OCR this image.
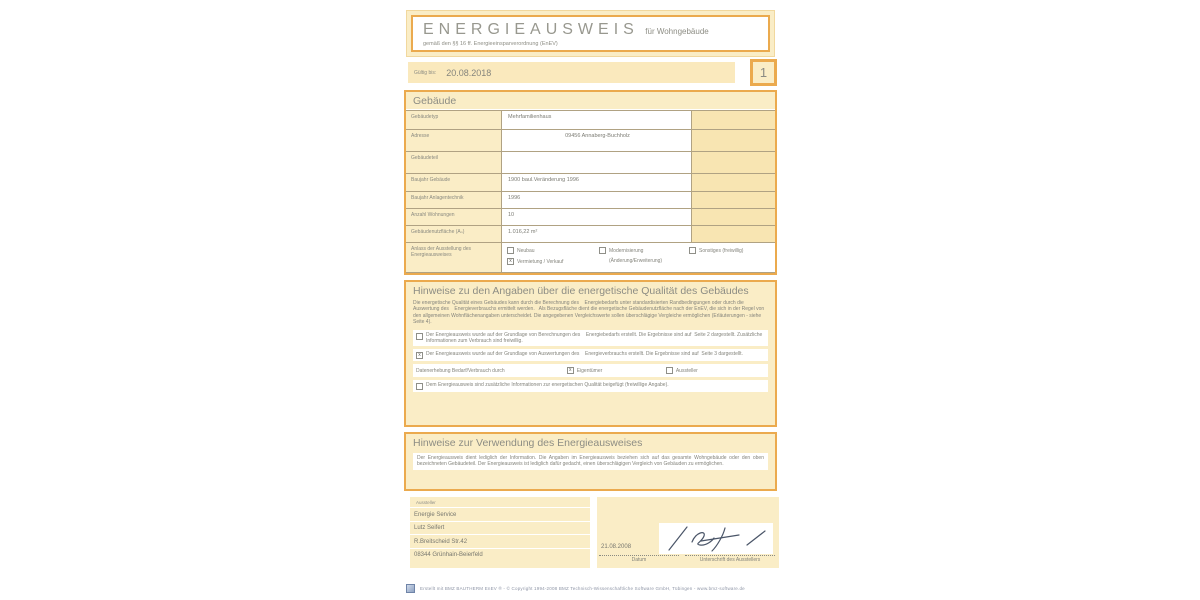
ENERGIEAUSWEIS für Wohngebäude
gemäß den §§ 16 ff. Energieeinsparverordnung (EnEV)
Gültig bis: 20.08.2018	1
Gebäude
Gebäudetyp	Mehrfamilienhaus
Adresse	09456 Annaberg-Buchholz
Gebäudeteil
Baujahr Gebäude	1900 baul.Veränderung 1996
Baujahr Anlagentechnik	1996
Anzahl Wohnungen	10
Gebäudenutzfläche (Aₙ)	1.016,22 m²
Anlass der Ausstellung des Energieausweises
Neubau
x	Vermietung / Verkauf
Modernisierung
(Änderung/Erweiterung)
Sonstiges (freiwillig)
Hinweise zu den Angaben über die energetische Qualität des Gebäudes
Die energetische Qualität eines Gebäudes kann durch die Berechnung des    Energiebedarfs unter standardisierten Randbedingungen oder durch die Auswertung des    Energieverbrauchs ermittelt werden.   Als Bezugsfläche dient die energetische Gebäudenutzfläche nach der EnEV, die sich in der Regel von den allgemeinen Wohnflächenangaben unterscheidet. Die angegebenen Vergleichswerte sollen überschlägige Vergleiche ermöglichen (Erläuterungen - siehe Seite 4).
Der Energieausweis wurde auf der Grundlage von Berechnungen des    Energiebedarfs erstellt. Die Ergebnisse sind auf  Seite 2 dargestellt. Zusätzliche Informationen zum Verbrauch sind freiwillig.
x	Der Energieausweis wurde auf der Grundlage von Auswertungen des    Energieverbrauchs erstellt. Die Ergebnisse sind auf  Seite 3 dargestellt.
Datenerhebung Bedarf/Verbrauch durch	x	Eigentümer	Aussteller
Dem Energieausweis sind zusätzliche Informationen zur energetischen Qualität beigefügt (freiwillige Angabe).
Hinweise zur Verwendung des Energieausweises
Der Energieausweis dient lediglich der Information. Die Angaben im Energieausweis beziehen sich auf das gesamte Wohngebäude oder den oben bezeichneten Gebäudeteil. Der Energieausweis ist lediglich dafür gedacht, einen überschlägigen Vergleich von Gebäuden zu ermöglichen.
Aussteller
Energie Service
Lutz Seifert
R.Breitscheid Str.42
08344 Grünhain-Beierfeld
21.08.2008
Datum	Unterschrift des Ausstellers
Erstellt mit BMZ BAUTHERM EnEV ® - © Copyright 1994-2008 BMZ Technisch-Wissenschaftliche Software GmbH, Tübingen - www.bmz-software.de
